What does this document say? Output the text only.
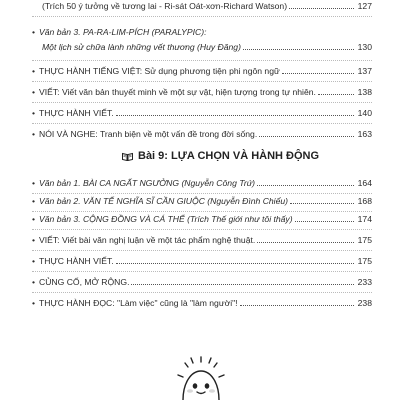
(Trích 50 ý tưởng về tương lai - Ri-sát Oát-xơn-Richard Watson)	127
• Văn bản 3. PA-RA-LIM-PÍCH (PARALYPIC):
Một lịch sử chữa lành những vết thương (Huy Đăng)	130
• THỰC HÀNH TIẾNG VIỆT: Sử dụng phương tiện phi ngôn ngữ	137
• VIẾT: Viết văn bản thuyết minh về một sự vật, hiện tượng trong tự nhiên.	138
• THỰC HÀNH VIẾT.	140
• NÓI VÀ NGHE: Tranh biện về một vấn đề trong đời sống.	163
Bài 9: LỰA CHỌN VÀ HÀNH ĐỘNG
• Văn bản 1. BÀI CA NGẤT NGƯỞNG (Nguyễn Công Trứ)	164
• Văn bản 2. VĂN TẾ NGHĨA SĨ CẦN GIUỘC (Nguyễn Đình Chiểu)	168
• Văn bản 3. CỘNG ĐỒNG VÀ CÁ THỂ (Trích Thế giới như tôi thấy)	174
• VIẾT: Viết bài văn nghị luận về một tác phẩm nghệ thuật.	175
• THỰC HÀNH VIẾT.	175
• CỦNG CỐ, MỞ RỘNG.	233
• THỰC HÀNH ĐỌC: "Làm việc" cũng là "làm người"!	238
